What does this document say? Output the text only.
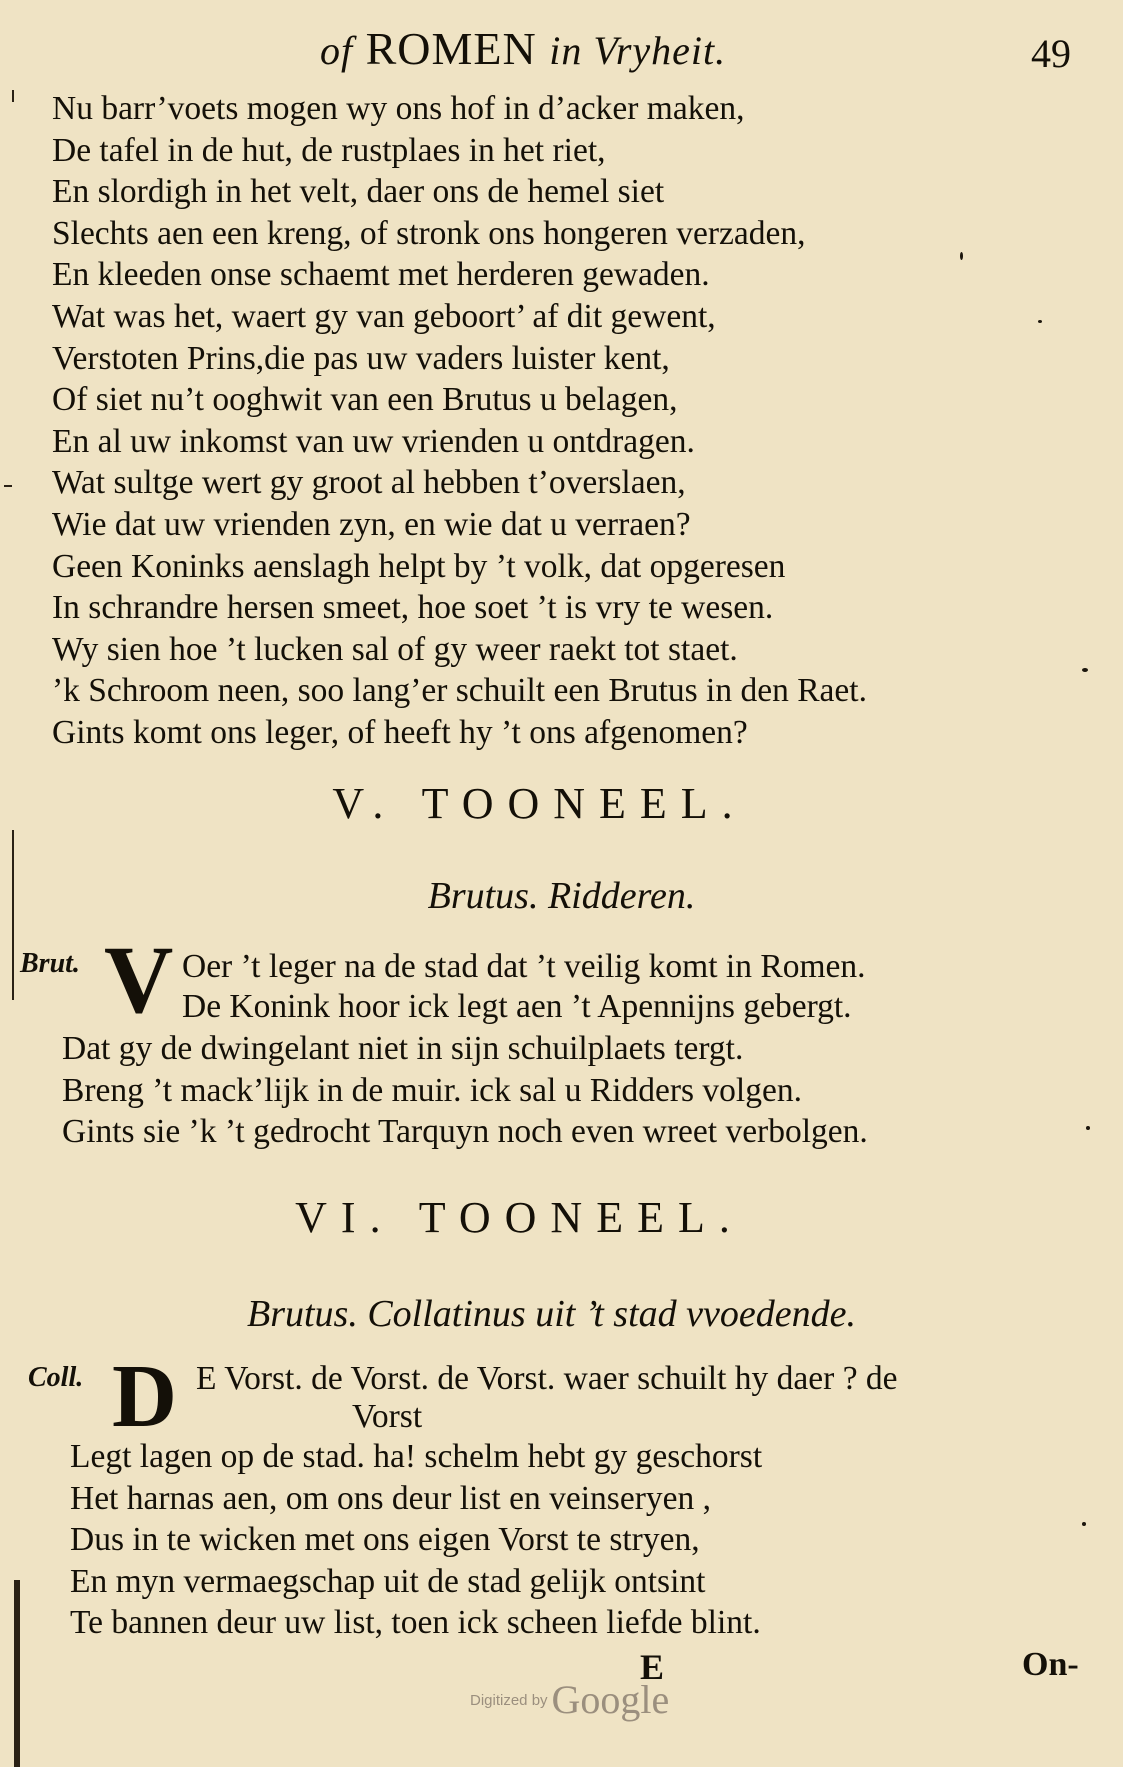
of ROMEN in Vryheit.	49
Nu barr’voets mogen wy ons hof in d’acker maken,
De tafel in de hut, de rustplaes in het riet,
En slordigh in het velt, daer ons de hemel siet
Slechts aen een kreng, of stronk ons hongeren verzaden,
En kleeden onse schaemt met herderen gewaden.
Wat was het, waert gy van geboort’ af dit gewent,
Verstoten Prins,die pas uw vaders luister kent,
Of siet nu’t ooghwit van een Brutus u belagen,
En al uw inkomst van uw vrienden u ontdragen.
Wat sultge wert gy groot al hebben t’overslaen,
Wie dat uw vrienden zyn, en wie dat u verraen?
Geen Koninks aenslagh helpt by ’t volk, dat opgeresen
In schrandre hersen smeet, hoe soet ’t is vry te wesen.
Wy sien hoe ’t lucken sal of gy weer raekt tot staet.
’k Schroom neen, soo lang’er schuilt een Brutus in den Raet.
Gints komt ons leger, of heeft hy ’t ons afgenomen?
V. TOONEEL.
Brutus. Ridderen.
Brut. V Oer ’t leger na de stad dat ’t veilig komt in Romen.
De Konink hoor ick legt aen ’t Apennijns gebergt.
Dat gy de dwingelant niet in sijn schuilplaets tergt.
Breng ’t mack’lijk in de muir. ick sal u Ridders volgen.
Gints sie ’k ’t gedrocht Tarquyn noch even wreet verbolgen.
VI. TOONEEL.
Brutus. Collatinus uit ’t stad vvoedende.
Coll. D E Vorst. de Vorst. de Vorst. waer schuilt hy daer ? de
Vorst
Legt lagen op de stad. ha! schelm hebt gy geschorst
Het harnas aen, om ons deur list en veinseryen ,
Dus in te wicken met ons eigen Vorst te stryen,
En myn vermaegschap uit de stad gelijk ontsint
Te bannen deur uw list, toen ick scheen liefde blint.
E	On-
Digitized by Google
